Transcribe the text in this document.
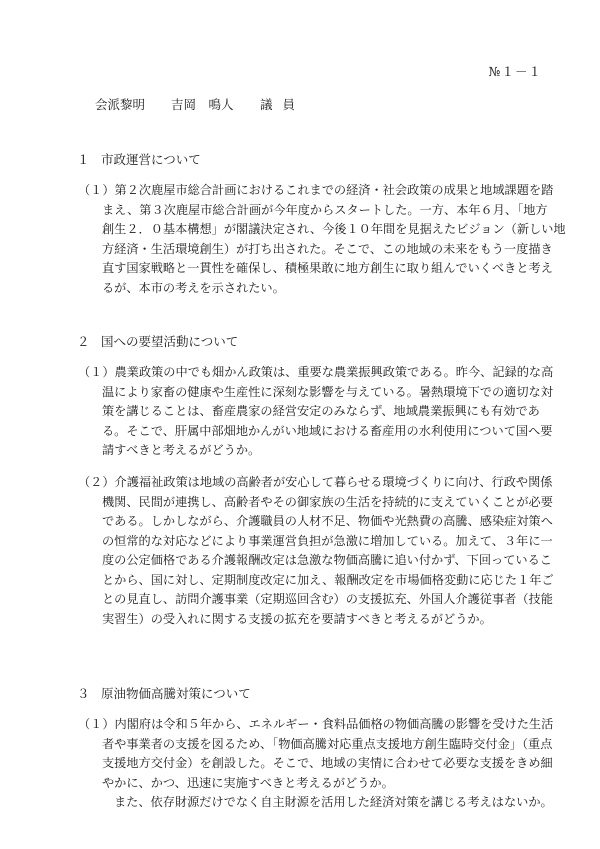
№１－１
会派黎明 吉岡　鳴人 議員
１ 市政運営について
（１）第２次鹿屋市総合計画におけるこれまでの経済・社会政策の成果と地域課題を踏
まえ、第３次鹿屋市総合計画が今年度からスタートした。一方、本年６月、「地方
創生２．０基本構想」が閣議決定され、今後１０年間を見据えたビジョン（新しい地
方経済・生活環境創生）が打ち出された。そこで、この地域の未来をもう一度描き
直す国家戦略と一貫性を確保し、積極果敢に地方創生に取り組んでいくべきと考え
るが、本市の考えを示されたい。
２ 国への要望活動について
（１）農業政策の中でも畑かん政策は、重要な農業振興政策である。昨今、記録的な高
温により家畜の健康や生産性に深刻な影響を与えている。暑熱環境下での適切な対
策を講じることは、畜産農家の経営安定のみならず、地域農業振興にも有効であ
る。そこで、肝属中部畑地かんがい地域における畜産用の水利使用について国へ要
請すべきと考えるがどうか。
（２）介護福祉政策は地域の高齢者が安心して暮らせる環境づくりに向け、行政や関係
機関、民間が連携し、高齢者やその御家族の生活を持続的に支えていくことが必要
である。しかしながら、介護職員の人材不足、物価や光熱費の高騰、感染症対策へ
の恒常的な対応などにより事業運営負担が急激に増加している。加えて、３年に一
度の公定価格である介護報酬改定は急激な物価高騰に追い付かず、下回っているこ
とから、国に対し、定期制度改定に加え、報酬改定を市場価格変動に応じた１年ご
との見直し、訪問介護事業（定期巡回含む）の支援拡充、外国人介護従事者（技能
実習生）の受入れに関する支援の拡充を要請すべきと考えるがどうか。
３ 原油物価高騰対策について
（１）内閣府は令和５年から、エネルギー・食料品価格の物価高騰の影響を受けた生活
者や事業者の支援を図るため、「物価高騰対応重点支援地方創生臨時交付金」（重点
支援地方交付金）を創設した。そこで、地域の実情に合わせて必要な支援をきめ細
やかに、かつ、迅速に実施すべきと考えるがどうか。
また、依存財源だけでなく自主財源を活用した経済対策を講じる考えはないか。
